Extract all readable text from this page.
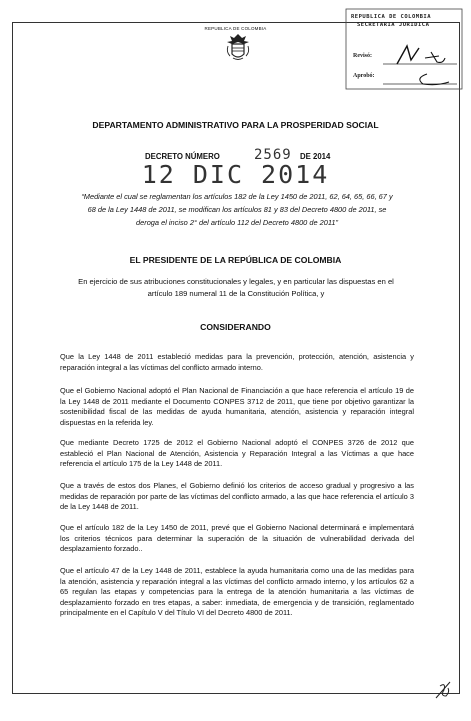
REPUBLICA DE COLOMBIA
REPUBLICA DE COLOMBIA
SECRETARIA JURIDICA
Revisó:
Aprobó:
DEPARTAMENTO ADMINISTRATIVO PARA LA PROSPERIDAD SOCIAL
DECRETO NÚMERO 2569 DE 2014
12 DIC 2014
“Mediante el cual se reglamentan los artículos 182 de la Ley 1450 de 2011, 62, 64, 65, 66, 67 y 68 de la Ley 1448 de 2011, se modifican los artículos 81 y 83 del Decreto 4800 de 2011, se deroga el inciso 2° del artículo 112 del Decreto 4800 de 2011”
EL PRESIDENTE DE LA REPÚBLICA DE COLOMBIA
En ejercicio de sus atribuciones constitucionales y legales, y en particular las dispuestas en el artículo 189 numeral 11 de la Constitución Política, y
CONSIDERANDO
Que la Ley 1448 de 2011 estableció medidas para la prevención, protección, atención, asistencia y reparación integral a las víctimas del conflicto armado interno.
Que el Gobierno Nacional adoptó el Plan Nacional de Financiación a que hace referencia el artículo 19 de la Ley 1448 de 2011 mediante el Documento CONPES 3712 de 2011, que tiene por objetivo garantizar la sostenibilidad fiscal de las medidas de ayuda humanitaria, atención, asistencia y reparación integral dispuestas en la referida ley.
Que mediante Decreto 1725 de 2012 el Gobierno Nacional adoptó el CONPES 3726 de 2012 que estableció el Plan Nacional de Atención, Asistencia y Reparación Integral a las Víctimas a que hace referencia el artículo 175 de la Ley 1448 de 2011.
Que a través de estos dos Planes, el Gobierno definió los criterios de acceso gradual y progresivo a las medidas de reparación por parte de las víctimas del conflicto armado, a las que hace referencia el artículo 3 de la Ley 1448 de 2011.
Que el artículo 182 de la Ley 1450 de 2011, prevé que el Gobierno Nacional determinará e implementará los criterios técnicos para determinar la superación de la situación de vulnerabilidad derivada del desplazamiento forzado..
Que el artículo 47 de la Ley 1448 de 2011, establece la ayuda humanitaria como una de las medidas para la atención, asistencia y reparación integral a las víctimas del conflicto armado interno, y los artículos 62 a 65 regulan las etapas y competencias para la entrega de la atención humanitaria a las víctimas de desplazamiento forzado en tres etapas, a saber: inmediata, de emergencia y de transición, reglamentado principalmente en el Capítulo V del Título VI del Decreto 4800 de 2011.
